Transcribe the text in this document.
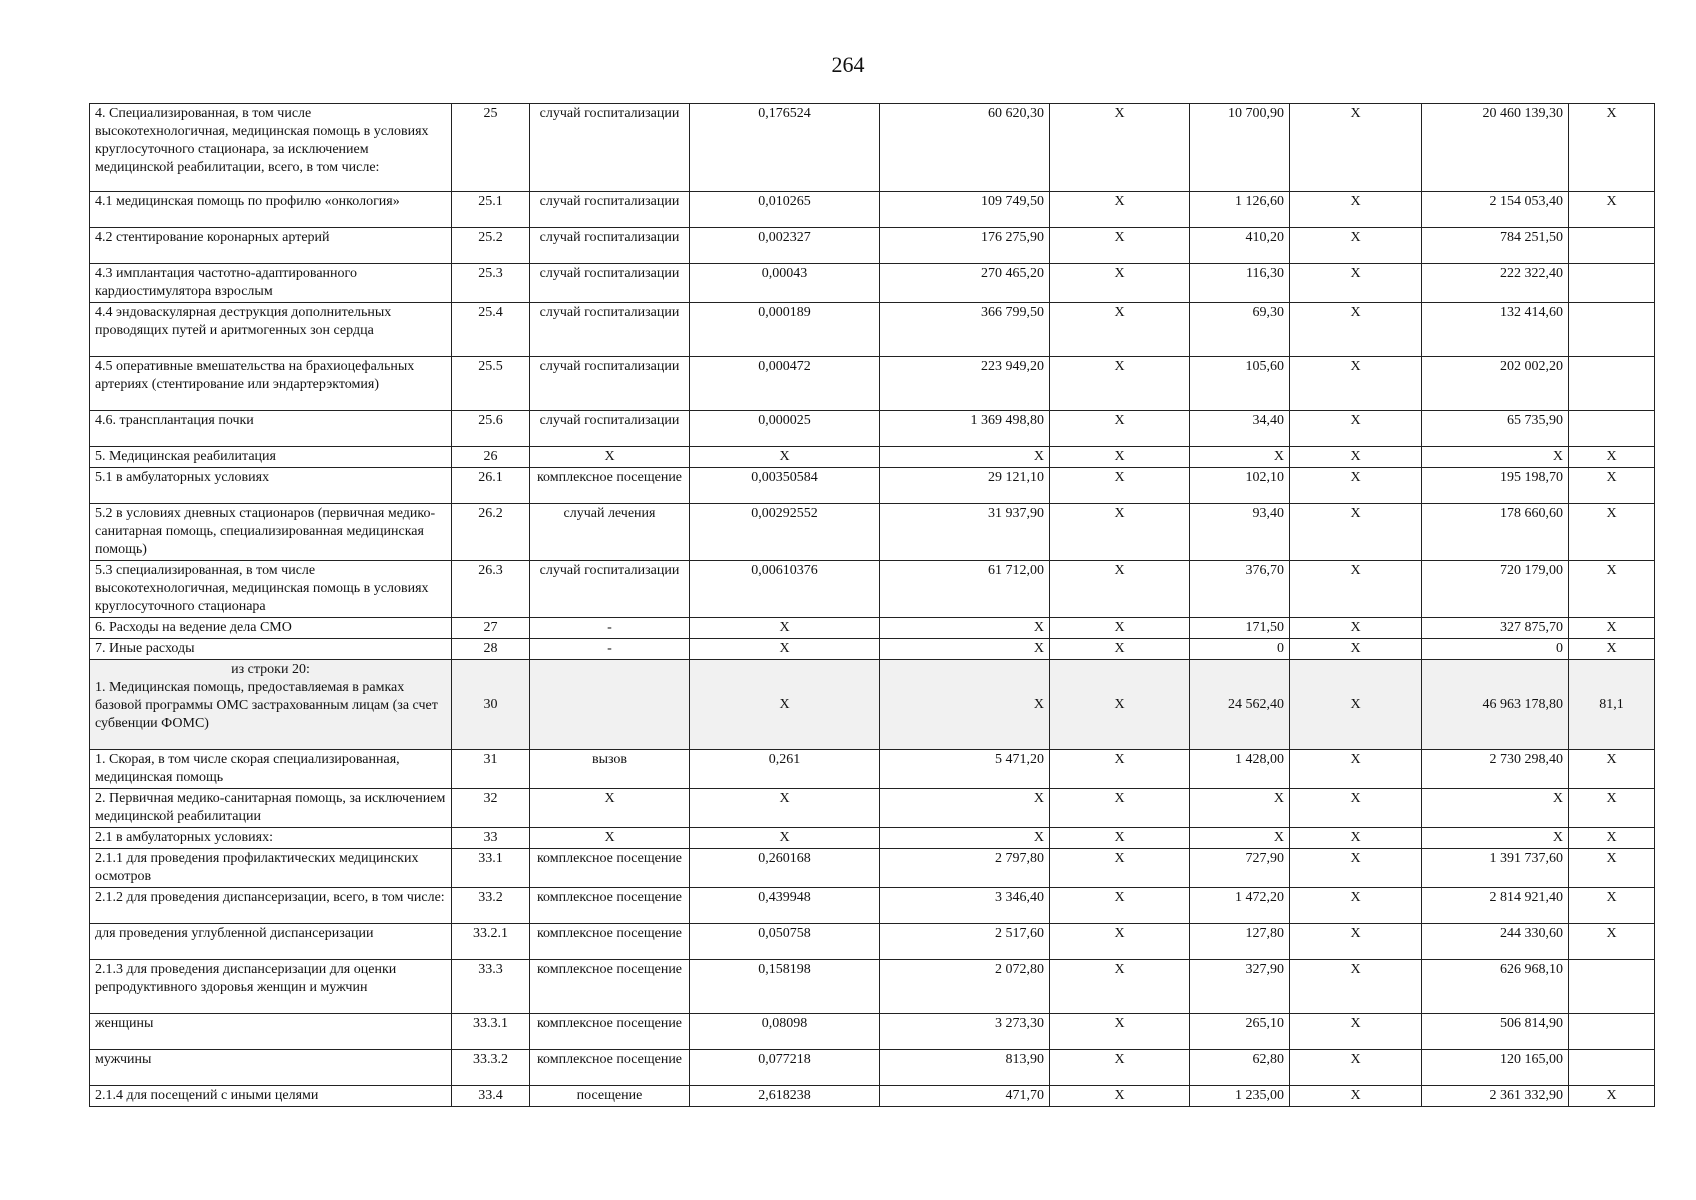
264
4. Специализированная, в том числе высокотехнологичная, медицинская помощь в условиях круглосуточного стационара, за исключением медицинской реабилитации, всего, в том числе:	25	случай госпитализации	0,176524	60 620,30	X	10 700,90	X	20 460 139,30	X
4.1 медицинская помощь по профилю «онкология»	25.1	случай госпитализации	0,010265	109 749,50	X	1 126,60	X	2 154 053,40	X
4.2 стентирование коронарных артерий	25.2	случай госпитализации	0,002327	176 275,90	X	410,20	X	784 251,50	
4.3 имплантация частотно-адаптированного кардиостимулятора взрослым	25.3	случай госпитализации	0,00043	270 465,20	X	116,30	X	222 322,40	
4.4 эндоваскулярная деструкция дополнительных проводящих путей и аритмогенных зон сердца	25.4	случай госпитализации	0,000189	366 799,50	X	69,30	X	132 414,60	
4.5 оперативные вмешательства на брахиоцефальных артериях (стентирование или эндартерэктомия)	25.5	случай госпитализации	0,000472	223 949,20	X	105,60	X	202 002,20	
4.6. трансплантация почки	25.6	случай госпитализации	0,000025	1 369 498,80	X	34,40	X	65 735,90	
5. Медицинская реабилитация	26	X	X	X	X	X	X	X	X
5.1 в амбулаторных условиях	26.1	комплексное посещение	0,00350584	29 121,10	X	102,10	X	195 198,70	X
5.2 в условиях дневных стационаров (первичная медико-санитарная помощь, специализированная медицинская помощь)	26.2	случай лечения	0,00292552	31 937,90	X	93,40	X	178 660,60	X
5.3 специализированная, в том числе высокотехнологичная, медицинская помощь в условиях круглосуточного стационара	26.3	случай госпитализации	0,00610376	61 712,00	X	376,70	X	720 179,00	X
6. Расходы на ведение дела СМО	27	-	X	X	X	171,50	X	327 875,70	X
7. Иные расходы	28	-	X	X	X	0	X	0	X

из строки 20:
1. Медицинская помощь, предоставляемая в рамках базовой программы ОМС застрахованным лицам (за счет субвенции ФОМС)	30		X	X	X	24 562,40	X	46 963 178,80	81,1
1. Скорая, в том числе скорая специализированная, медицинская помощь	31	вызов	0,261	5 471,20	X	1 428,00	X	2 730 298,40	X
2. Первичная медико-санитарная помощь, за исключением медицинской реабилитации	32	X	X	X	X	X	X	X	X
2.1 в амбулаторных условиях:	33	X	X	X	X	X	X	X	X
2.1.1 для проведения профилактических медицинских осмотров	33.1	комплексное посещение	0,260168	2 797,80	X	727,90	X	1 391 737,60	X
2.1.2 для проведения диспансеризации, всего, в том числе:	33.2	комплексное посещение	0,439948	3 346,40	X	1 472,20	X	2 814 921,40	X
для проведения углубленной диспансеризации	33.2.1	комплексное посещение	0,050758	2 517,60	X	127,80	X	244 330,60	X
2.1.3 для проведения диспансеризации для оценки репродуктивного здоровья женщин и мужчин	33.3	комплексное посещение	0,158198	2 072,80	X	327,90	X	626 968,10	
женщины	33.3.1	комплексное посещение	0,08098	3 273,30	X	265,10	X	506 814,90	
мужчины	33.3.2	комплексное посещение	0,077218	813,90	X	62,80	X	120 165,00	
2.1.4 для посещений с иными целями	33.4	посещение	2,618238	471,70	X	1 235,00	X	2 361 332,90	X
